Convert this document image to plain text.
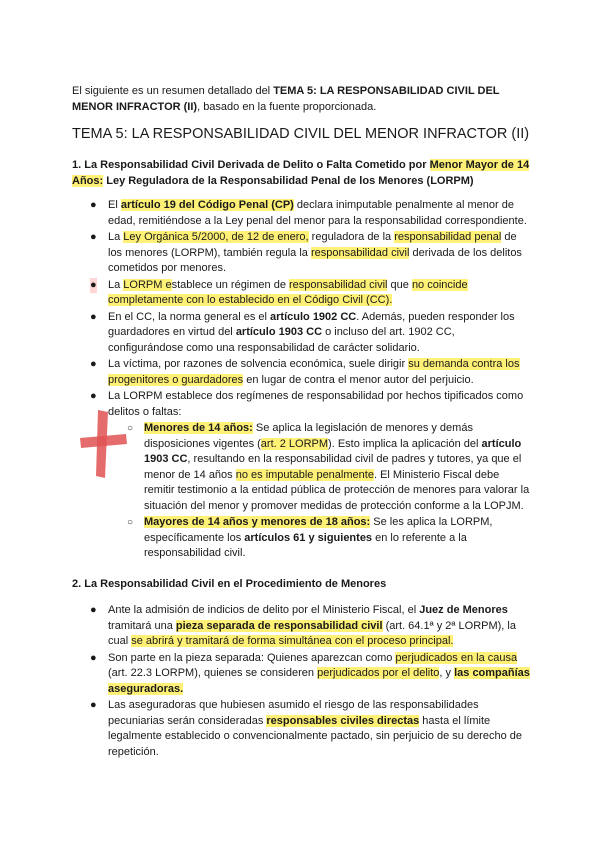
El siguiente es un resumen detallado del TEMA 5: LA RESPONSABILIDAD CIVIL DEL MENOR INFRACTOR (II), basado en la fuente proporcionada.

TEMA 5: LA RESPONSABILIDAD CIVIL DEL MENOR INFRACTOR (II)
1. La Responsabilidad Civil Derivada de Delito o Falta Cometido por Menor Mayor de 14 Años: Ley Reguladora de la Responsabilidad Penal de los Menores (LORPM)
● El artículo 19 del Código Penal (CP) declara inimputable penalmente al menor de edad, remitiéndose a la Ley penal del menor para la responsabilidad correspondiente.
● La Ley Orgánica 5/2000, de 12 de enero, reguladora de la responsabilidad penal de los menores (LORPM), también regula la responsabilidad civil derivada de los delitos cometidos por menores.
● La LORPM establece un régimen de responsabilidad civil que no coincide completamente con lo establecido en el Código Civil (CC).
● En el CC, la norma general es el artículo 1902 CC. Además, pueden responder los guardadores en virtud del artículo 1903 CC o incluso del art. 1902 CC, configurándose como una responsabilidad de carácter solidario.
● La víctima, por razones de solvencia económica, suele dirigir su demanda contra los progenitores o guardadores en lugar de contra el menor autor del perjuicio.
● La LORPM establece dos regímenes de responsabilidad por hechos tipificados como delitos o faltas:
○ Menores de 14 años: Se aplica la legislación de menores y demás disposiciones vigentes (art. 2 LORPM). Esto implica la aplicación del artículo 1903 CC, resultando en la responsabilidad civil de padres y tutores, ya que el menor de 14 años no es imputable penalmente. El Ministerio Fiscal debe remitir testimonio a la entidad pública de protección de menores para valorar la situación del menor y promover medidas de protección conforme a la LOPJM.
○ Mayores de 14 años y menores de 18 años: Se les aplica la LORPM, específicamente los artículos 61 y siguientes en lo referente a la responsabilidad civil.
2. La Responsabilidad Civil en el Procedimiento de Menores
● Ante la admisión de indicios de delito por el Ministerio Fiscal, el Juez de Menores tramitará una pieza separada de responsabilidad civil (art. 64.1ª y 2ª LORPM), la cual se abrirá y tramitará de forma simultánea con el proceso principal.
● Son parte en la pieza separada: Quienes aparezcan como perjudicados en la causa (art. 22.3 LORPM), quienes se consideren perjudicados por el delito, y las compañías aseguradoras.
● Las aseguradoras que hubiesen asumido el riesgo de las responsabilidades pecuniarias serán consideradas responsables civiles directas hasta el límite legalmente establecido o convencionalmente pactado, sin perjuicio de su derecho de repetición.
